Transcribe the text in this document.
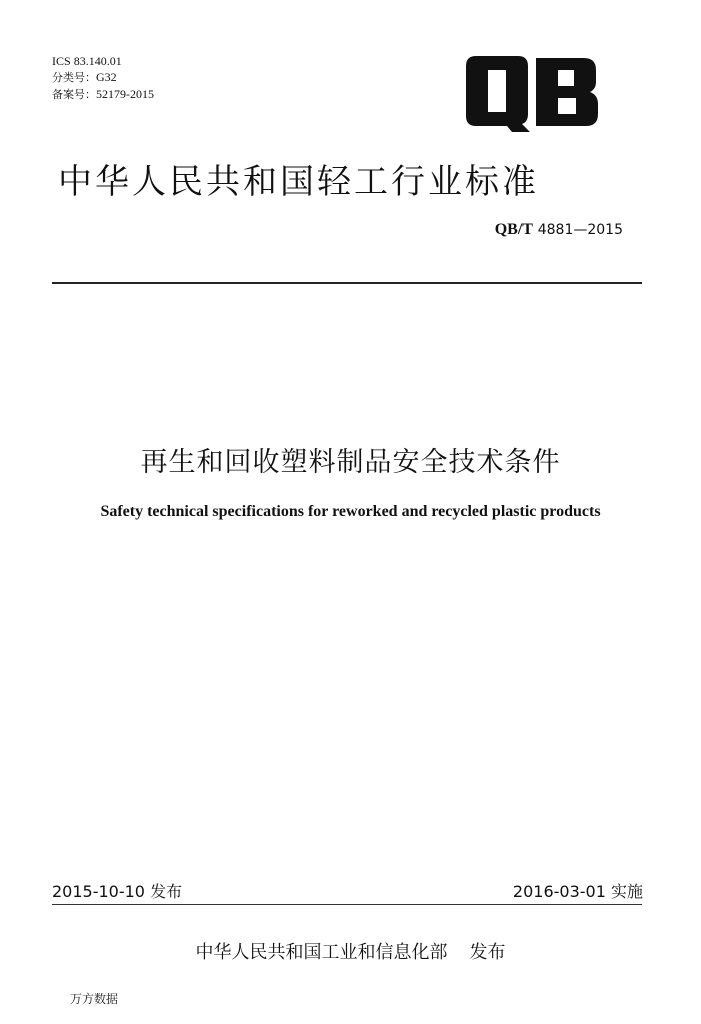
ICS 83.140.01
分类号：G32
备案号：52179-2015
中华人民共和国轻工行业标准
QB/T 4881—2015
再生和回收塑料制品安全技术条件
Safety technical specifications for reworked and recycled plastic products
2015-10-10 发布	2016-03-01 实施
中华人民共和国工业和信息化部 发布
万方数据
